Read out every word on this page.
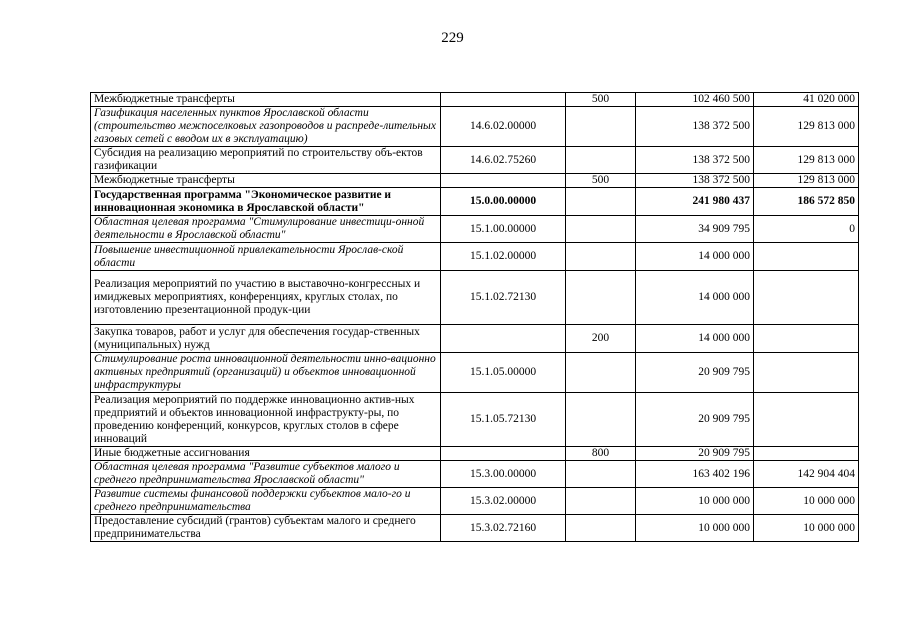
229
Межбюджетные трансферты		500	102 460 500	41 020 000
Газификация населенных пунктов Ярославской области (строительство межпоселковых газопроводов и распреде-лительных газовых сетей с вводом их в эксплуатацию)	14.6.02.00000		138 372 500	129 813 000
Субсидия на реализацию мероприятий по строительству объ-ектов газификации	14.6.02.75260		138 372 500	129 813 000
Межбюджетные трансферты		500	138 372 500	129 813 000
Государственная программа "Экономическое развитие и инновационная экономика в Ярославской области"	15.0.00.00000		241 980 437	186 572 850
Областная целевая программа "Стимулирование инвестици-онной деятельности в Ярославской области"	15.1.00.00000		34 909 795	0
Повышение инвестиционной привлекательности Ярослав-ской области	15.1.02.00000		14 000 000	
Реализация мероприятий по участию в выставочно-конгрессных и имиджевых мероприятиях, конференциях, круглых столах, по изготовлению презентационной продук-ции	15.1.02.72130		14 000 000	
Закупка товаров, работ и услуг для обеспечения государ-ственных (муниципальных) нужд		200	14 000 000	
Стимулирование роста инновационной деятельности инно-вационно активных предприятий (организаций) и объектов инновационной инфраструктуры	15.1.05.00000		20 909 795	
Реализация мероприятий по поддержке инновационно актив-ных предприятий и объектов инновационной инфраструкту-ры, по проведению конференций, конкурсов, круглых столов в сфере инноваций	15.1.05.72130		20 909 795	
Иные бюджетные ассигнования		800	20 909 795	
Областная целевая программа "Развитие субъектов малого и среднего предпринимательства Ярославской области"	15.3.00.00000		163 402 196	142 904 404
Развитие системы финансовой поддержки субъектов мало-го и среднего предпринимательства	15.3.02.00000		10 000 000	10 000 000
Предоставление субсидий (грантов) субъектам малого и среднего предпринимательства	15.3.02.72160		10 000 000	10 000 000
